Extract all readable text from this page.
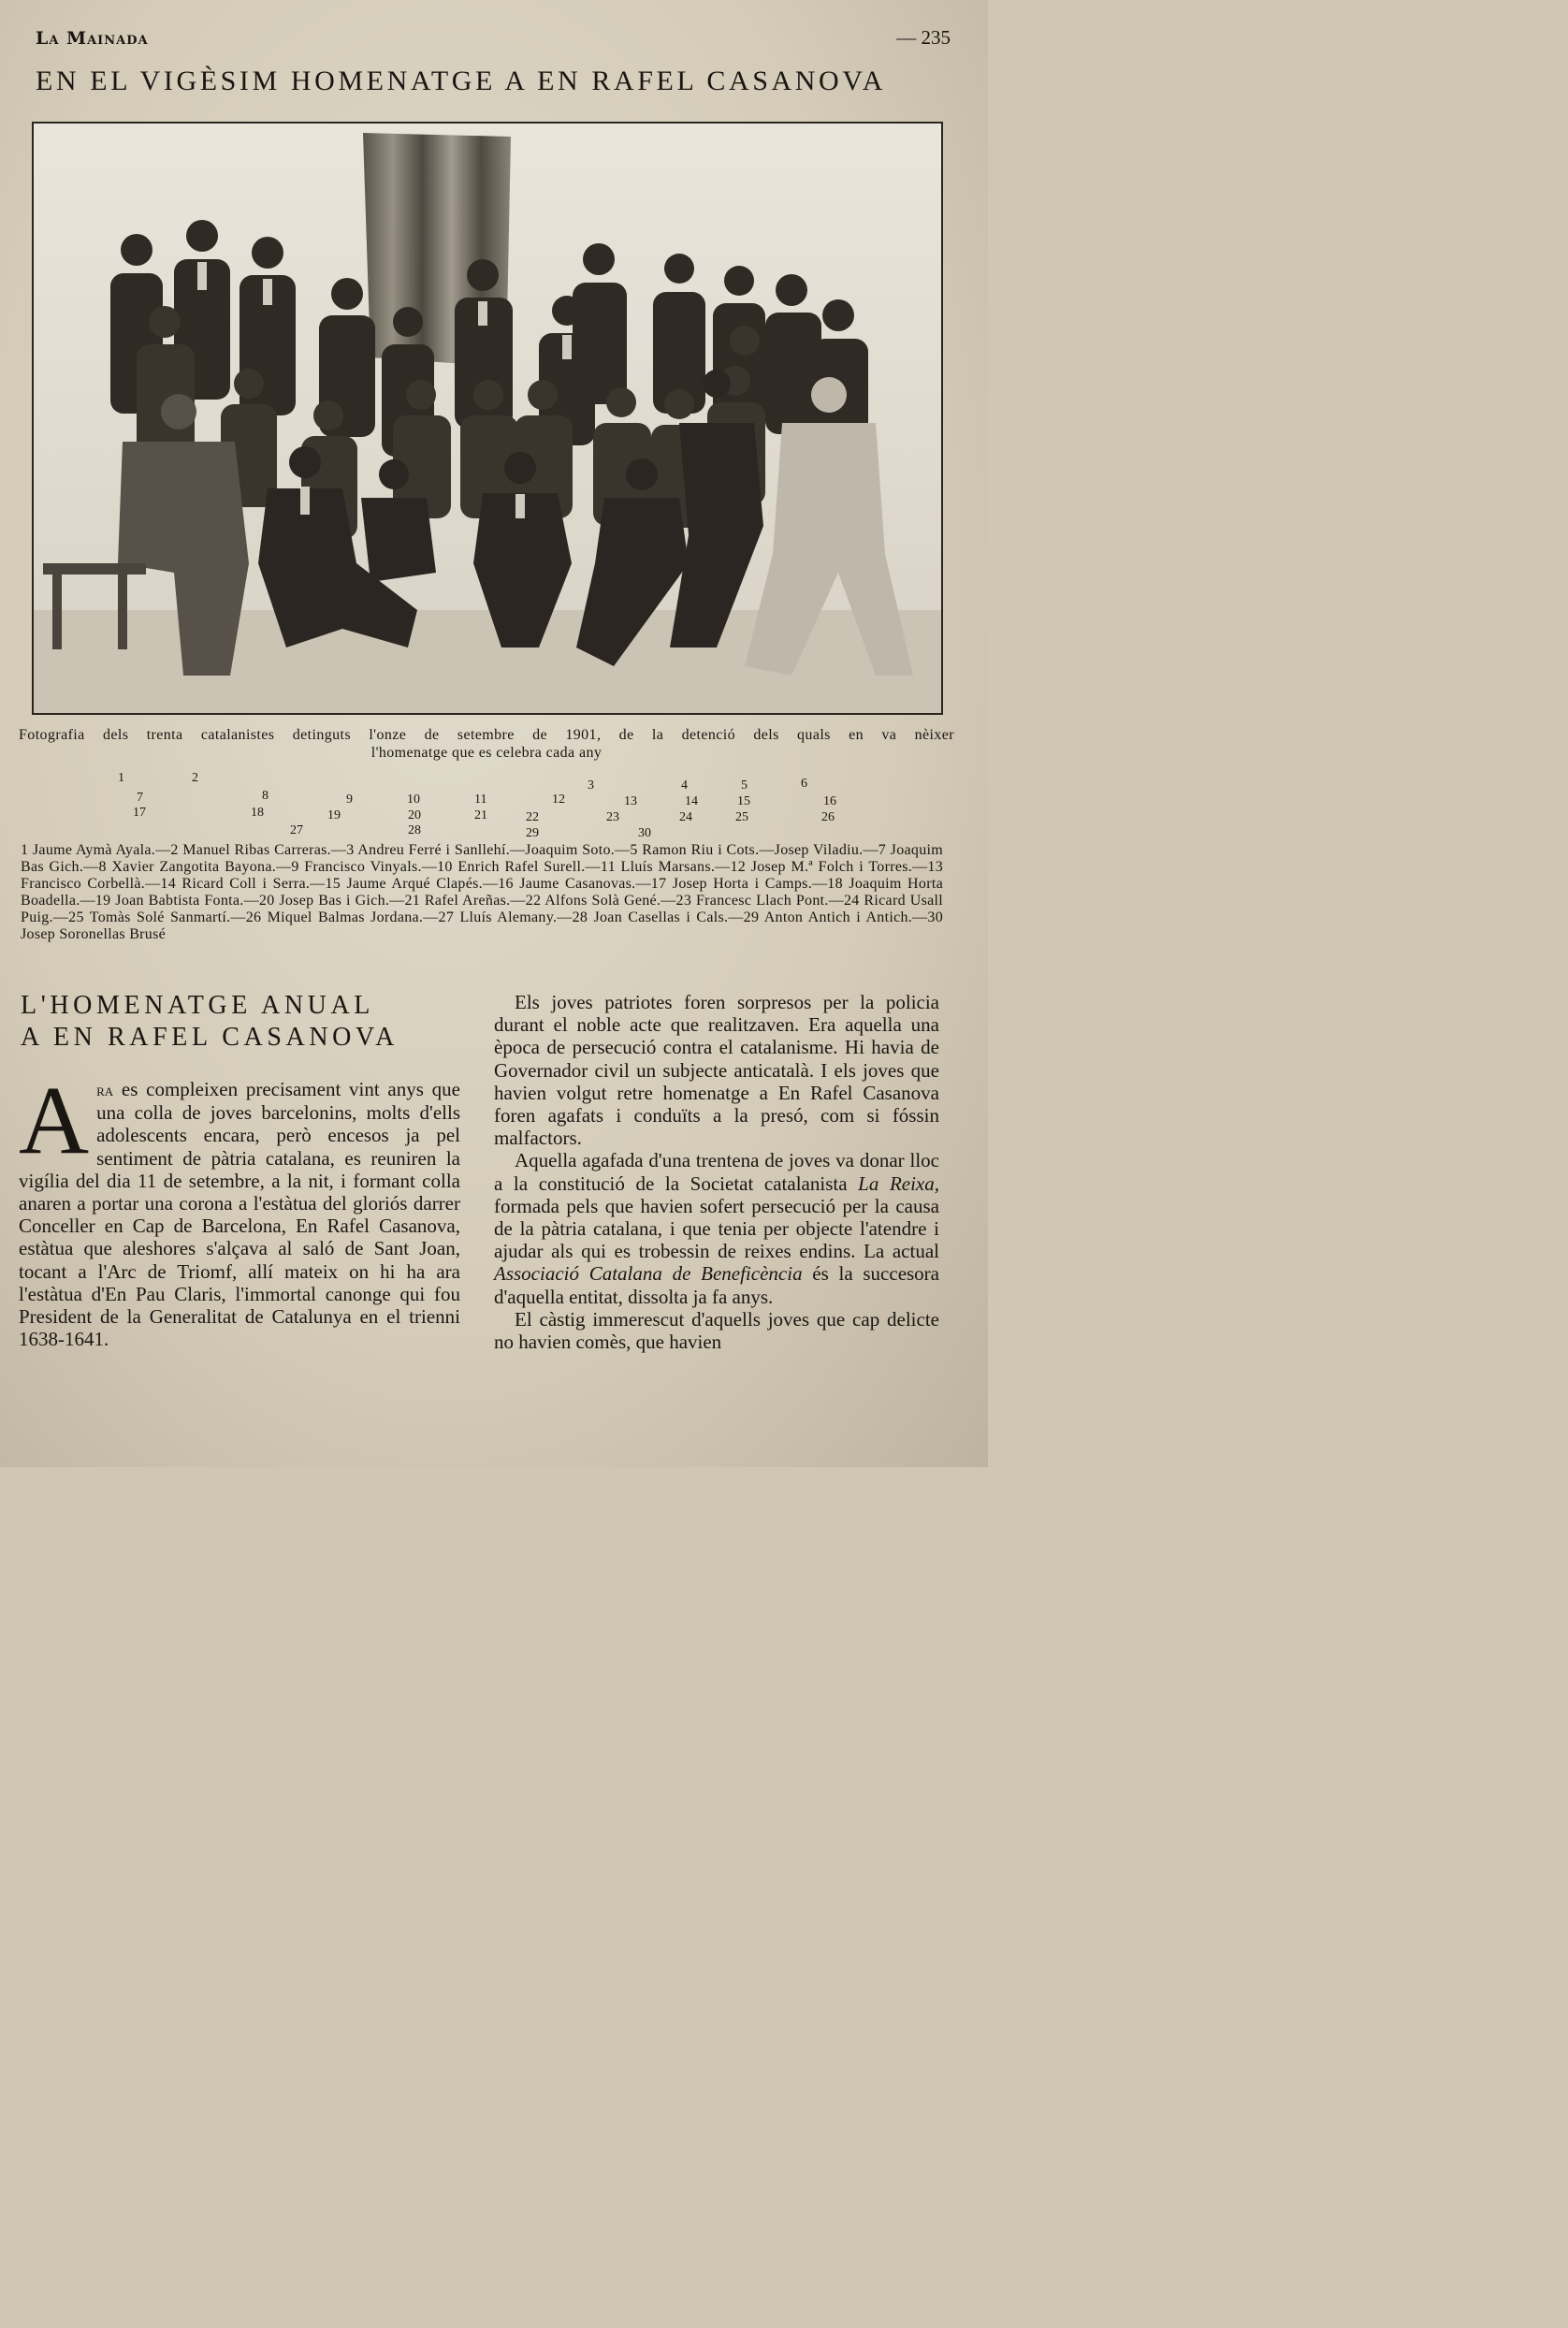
La Mainada	— 235
EN EL VIGÈSIM HOMENATGE A EN RAFEL CASANOVA
Fotografia dels trenta catalanistes detinguts l'onze de setembre de 1901, de la detenció dels quals en va nèixer
l'homenatge que es celebra cada any
1	2
3	4	5	6
7	8	9	10	11	12	13	14	15	16
17	18	19	20	21	22	23	24	25	26
27	28	29	30
1 Jaume Aymà Ayala.—2 Manuel Ribas Carreras.—3 Andreu Ferré i Sanllehí.—Joaquim Soto.—5 Ramon Riu i Cots.—Josep Viladiu.—7 Joaquim Bas Gich.—8 Xavier Zangotita Bayona.—9 Francisco Vinyals.—10 Enrich Rafel Surell.—11 Lluís Marsans.—12 Josep M.ª Folch i Torres.—13 Francisco Corbellà.—14 Ricard Coll i Serra.—15 Jaume Arqué Clapés.—16 Jaume Casanovas.—17 Josep Horta i Camps.—18 Joaquim Horta Boadella.—19 Joan Babtista Fonta.—20 Josep Bas i Gich.—21 Rafel Areñas.—22 Alfons Solà Gené.—23 Francesc Llach Pont.—24 Ricard Usall Puig.—25 Tomàs Solé Sanmartí.—26 Miquel Balmas Jordana.—27 Lluís Alemany.—28 Joan Casellas i Cals.—29 Anton Antich i Antich.—30 Josep Soronellas Brusé
L'HOMENATGE ANUAL
A EN RAFEL CASANOVA

Ara es compleixen precisament vint anys que una colla de joves barcelonins, molts d'ells adolescents encara, però encesos ja pel sentiment de pàtria catalana, es reuniren la vigília del dia 11 de setembre, a la nit, i formant colla anaren a portar una corona a l'estàtua del gloriós darrer Conceller en Cap de Barcelona, En Rafel Casanova, estàtua que aleshores s'alçava al saló de Sant Joan, tocant a l'Arc de Triomf, allí mateix on hi ha ara l'estàtua d'En Pau Claris, l'immortal canonge qui fou President de la Generalitat de Catalunya en el trienni 1638-1641.

Els joves patriotes foren sorpresos per la policia durant el noble acte que realitzaven. Era aquella una època de persecució contra el catalanisme. Hi havia de Governador civil un subjecte anticatalà. I els joves que havien volgut retre homenatge a En Rafel Casanova foren agafats i conduïts a la presó, com si fóssin malfactors.

Aquella agafada d'una trentena de joves va donar lloc a la constitució de la Societat catalanista La Reixa, formada pels que havien sofert persecució per la causa de la pàtria catalana, i que tenia per objecte l'atendre i ajudar als qui es trobessin de reixes endins. La actual Associació Catalana de Beneficència és la succesora d'aquella entitat, dissolta ja fa anys.

El càstig immerescut d'aquells joves que cap delicte no havien comès, que havien
